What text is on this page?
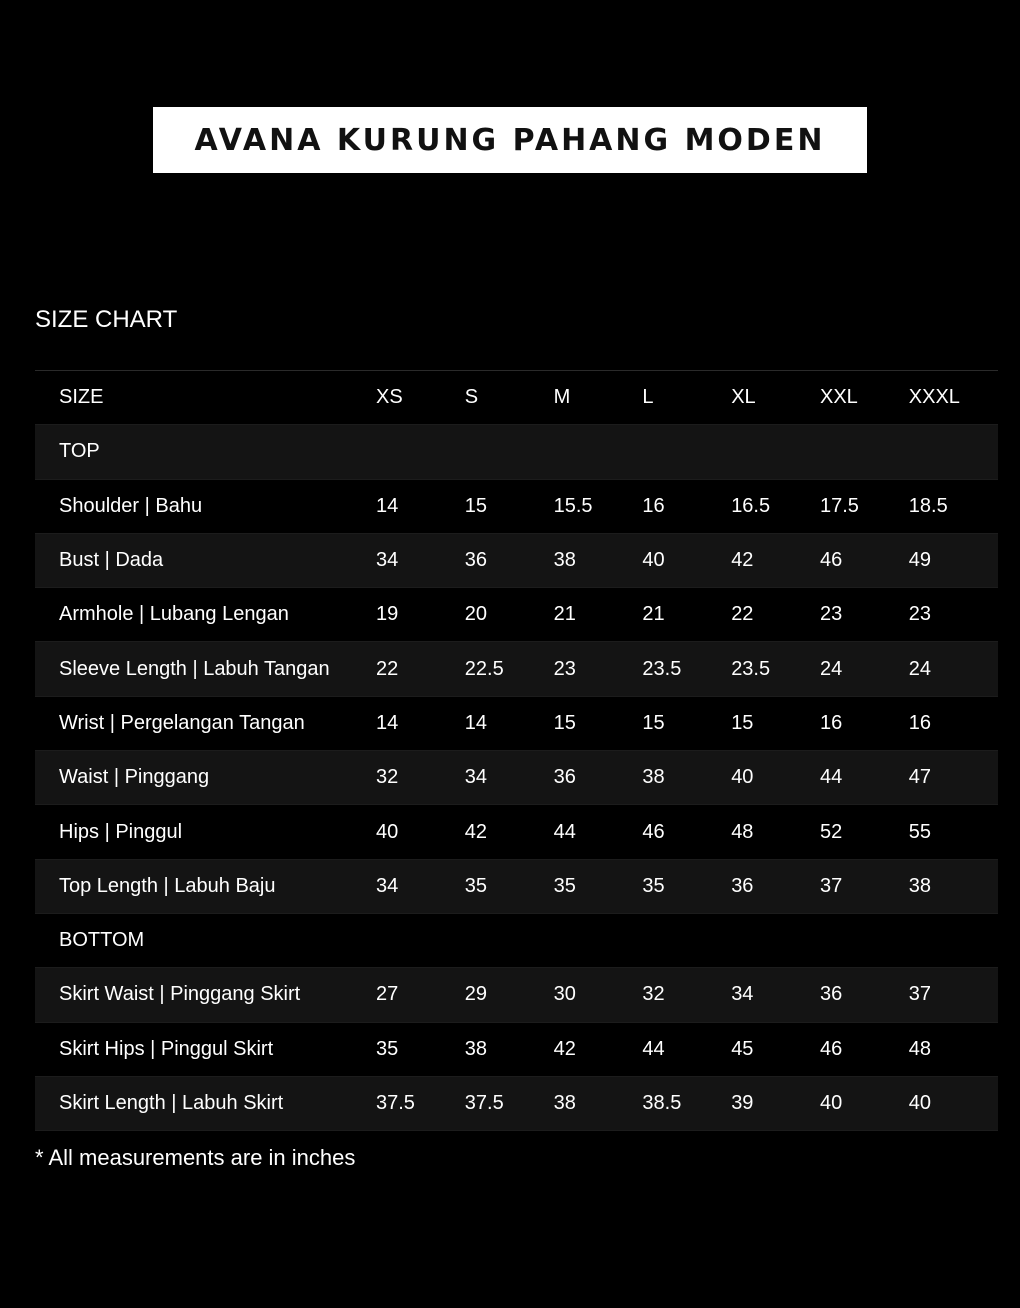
AVANA KURUNG PAHANG MODEN
SIZE CHART
SIZE	XS	S	M	L	XL	XXL	XXXL
TOP							
Shoulder | Bahu	14	15	15.5	16	16.5	17.5	18.5
Bust | Dada	34	36	38	40	42	46	49
Armhole | Lubang Lengan	19	20	21	21	22	23	23
Sleeve Length | Labuh Tangan	22	22.5	23	23.5	23.5	24	24
Wrist | Pergelangan Tangan	14	14	15	15	15	16	16
Waist | Pinggang	32	34	36	38	40	44	47
Hips | Pinggul	40	42	44	46	48	52	55
Top Length | Labuh Baju	34	35	35	35	36	37	38
BOTTOM							
Skirt Waist | Pinggang Skirt	27	29	30	32	34	36	37
Skirt Hips | Pinggul Skirt	35	38	42	44	45	46	48
Skirt Length | Labuh Skirt	37.5	37.5	38	38.5	39	40	40
* All measurements are in inches
